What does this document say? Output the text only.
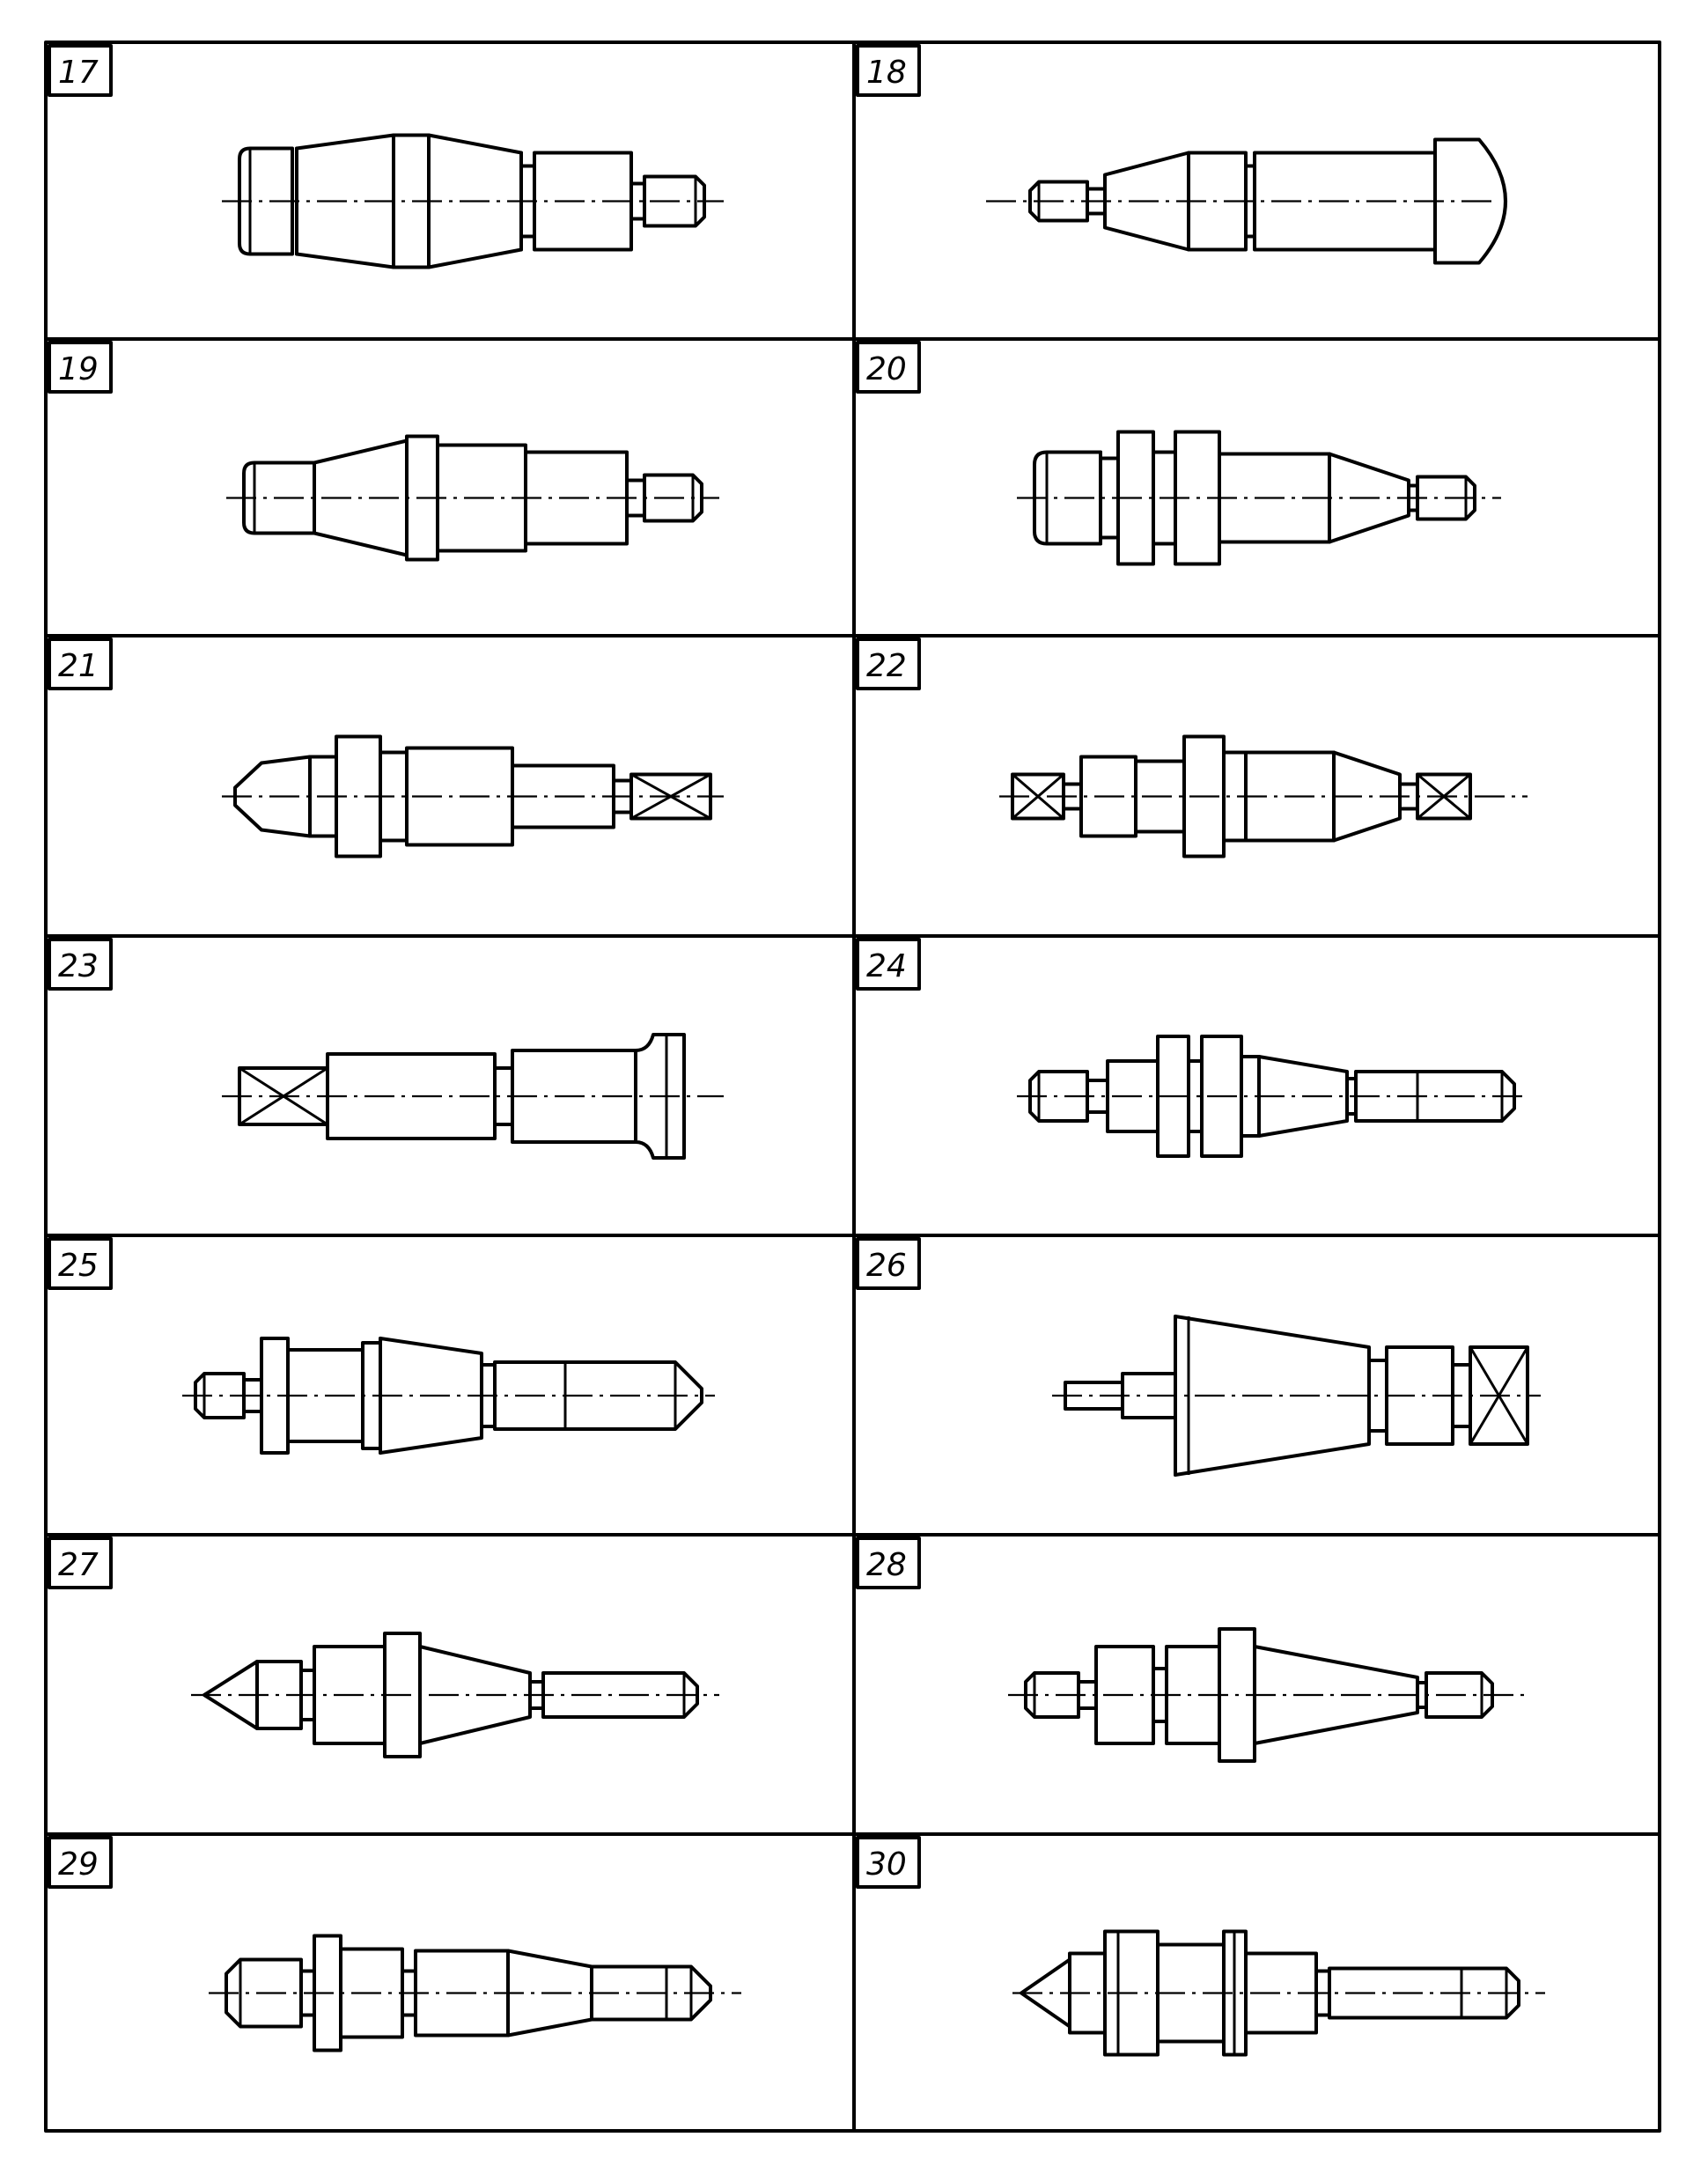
17	18
19	20
21	22
23	24
25	26
27	28
29	30
